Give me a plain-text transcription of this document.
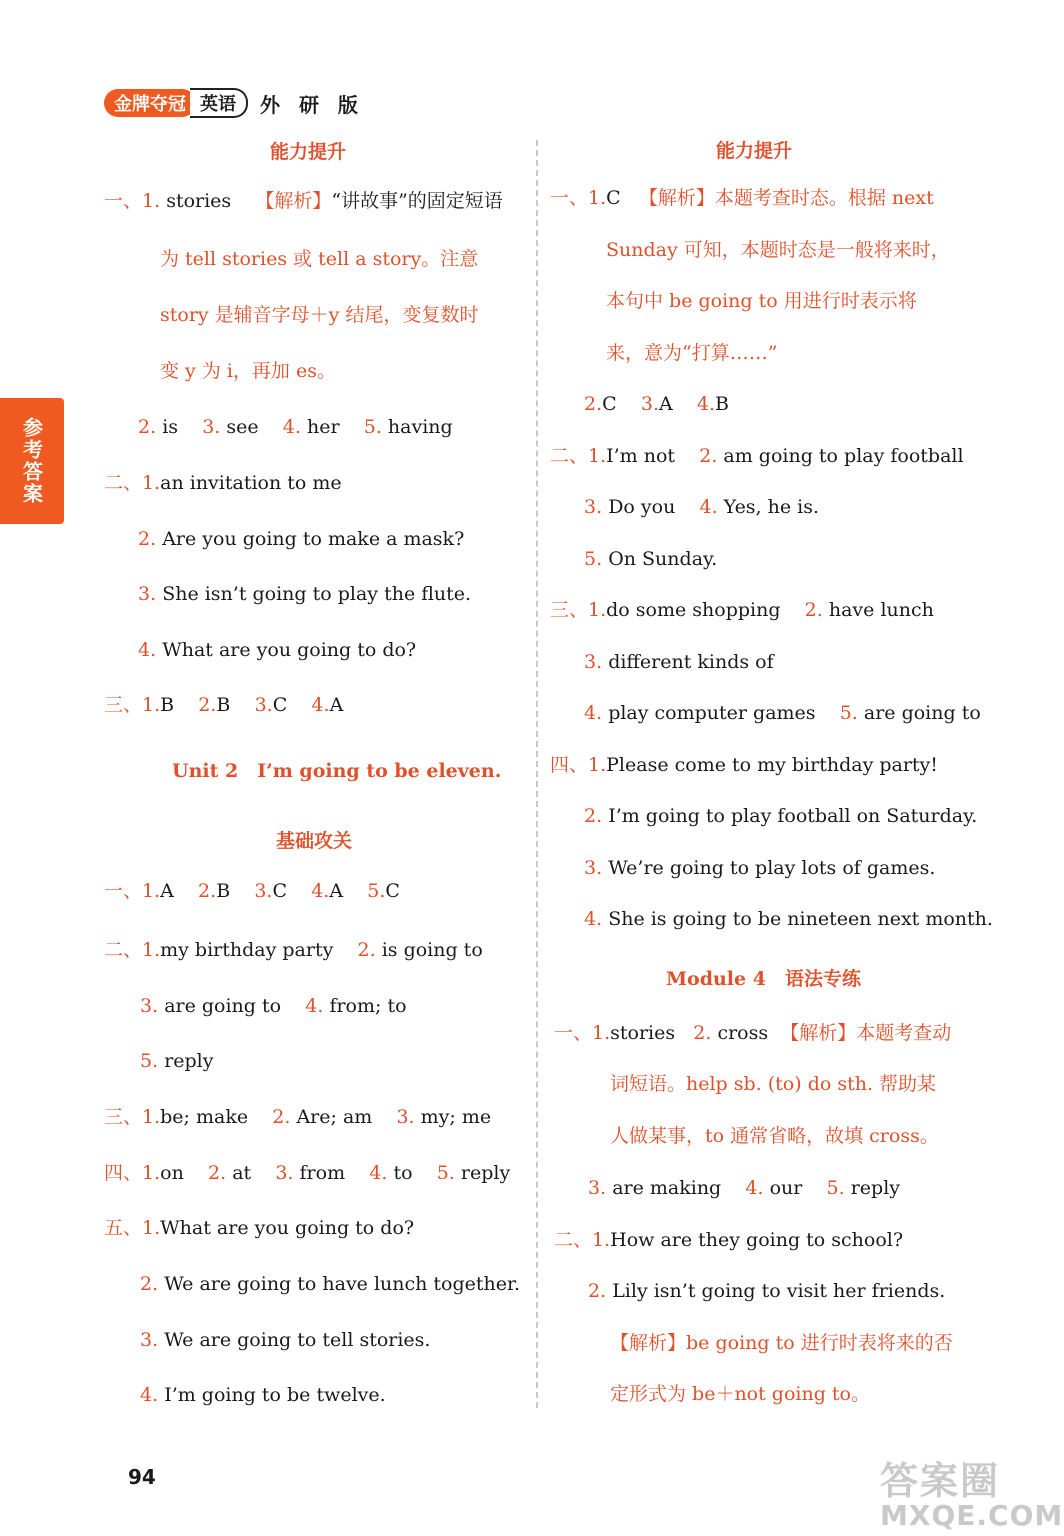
金牌夺冠 英语	外 研 版
参考答案
能力提升
一、1. stories 【解析】“讲故事”的固定短语
为 tell stories 或 tell a story。注意
story 是辅音字母＋y 结尾，变复数时
变 y 为 i，再加 es。
2. is 3. see 4. her 5. having
二、1.an invitation to me
2. Are you going to make a mask?
3. She isn’t going to play the flute.
4. What are you going to do?
三、1.B 2.B 3.C 4.A
Unit 2　I’m going to be eleven.
基础攻关
一、1.A 2.B 3.C 4.A 5.C
二、1.my birthday party 2. is going to
3. are going to 4. from; to
5. reply
三、1.be; make 2. Are; am 3. my; me
四、1.on 2. at 3. from 4. to 5. reply
五、1.What are you going to do?
2. We are going to have lunch together.
3. We are going to tell stories.
4. I’m going to be twelve.
能力提升
一、1.C 【解析】本题考查时态。根据 next
Sunday 可知，本题时态是一般将来时，
本句中 be going to 用进行时表示将
来，意为“打算……”
2.C 3.A 4.B
二、1.I’m not 2. am going to play football
3. Do you 4. Yes, he is.
5. On Sunday.
三、1.do some shopping 2. have lunch
3. different kinds of
4. play computer games 5. are going to
四、1.Please come to my birthday party!
2. I’m going to play football on Saturday.
3. We’re going to play lots of games.
4. She is going to be nineteen next month.
Module 4　语法专练
一、1.stories 2. cross 【解析】本题考查动
词短语。help sb. (to) do sth. 帮助某
人做某事，to 通常省略，故填 cross。
3. are making 4. our 5. reply
二、1.How are they going to school?
2. Lily isn’t going to visit her friends.
【解析】be going to 进行时表将来的否
定形式为 be＋not going to。
94	答案圈
MXQE.COM
